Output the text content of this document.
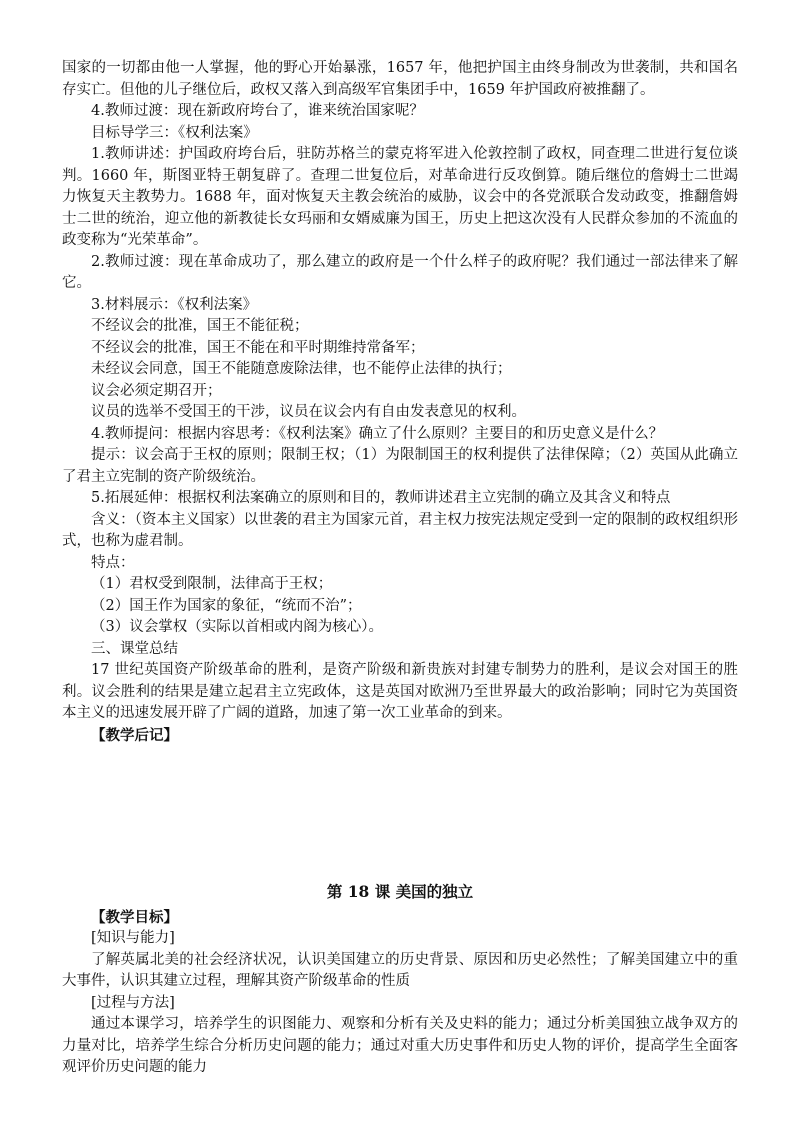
国家的一切都由他一人掌握，他的野心开始暴涨，1657 年，他把护国主由终身制改为世袭制，共和国名存实亡。但他的儿子继位后，政权又落入到高级军官集团手中，1659 年护国政府被推翻了。

4.教师过渡：现在新政府垮台了，谁来统治国家呢？

目标导学三：《权利法案》

1.教师讲述：护国政府垮台后，驻防苏格兰的蒙克将军进入伦敦控制了政权，同查理二世进行复位谈判。1660 年，斯图亚特王朝复辟了。查理二世复位后，对革命进行反攻倒算。随后继位的詹姆士二世竭力恢复天主教势力。1688 年，面对恢复天主教会统治的威胁，议会中的各党派联合发动政变，推翻詹姆士二世的统治，迎立他的新教徒长女玛丽和女婿威廉为国王，历史上把这次没有人民群众参加的不流血的政变称为“光荣革命”。

2.教师过渡：现在革命成功了，那么建立的政府是一个什么样子的政府呢？我们通过一部法律来了解它。

3.材料展示：《权利法案》

不经议会的批准，国王不能征税；

不经议会的批准，国王不能在和平时期维持常备军；

未经议会同意，国王不能随意废除法律，也不能停止法律的执行；

议会必须定期召开；

议员的选举不受国王的干涉，议员在议会内有自由发表意见的权利。

4.教师提问：根据内容思考：《权利法案》确立了什么原则？主要目的和历史意义是什么？

提示：议会高于王权的原则；限制王权；（1）为限制国王的权利提供了法律保障；（2）英国从此确立了君主立宪制的资产阶级统治。

5.拓展延伸：根据权利法案确立的原则和目的，教师讲述君主立宪制的确立及其含义和特点

含义：（资本主义国家）以世袭的君主为国家元首，君主权力按宪法规定受到一定的限制的政权组织形式，也称为虚君制。

特点：

（1）君权受到限制，法律高于王权；

（2）国王作为国家的象征，“统而不治”；

（3）议会掌权（实际以首相或内阁为核心）。

三、课堂总结

17 世纪英国资产阶级革命的胜利，是资产阶级和新贵族对封建专制势力的胜利，是议会对国王的胜利。议会胜利的结果是建立起君主立宪政体，这是英国对欧洲乃至世界最大的政治影响；同时它为英国资本主义的迅速发展开辟了广阔的道路，加速了第一次工业革命的到来。

【教学后记】

第 18 课 美国的独立

【教学目标】

[知识与能力]

了解英属北美的社会经济状况，认识美国建立的历史背景、原因和历史必然性；了解美国建立中的重大事件，认识其建立过程，理解其资产阶级革命的性质

[过程与方法]

通过本课学习，培养学生的识图能力、观察和分析有关及史料的能力；通过分析美国独立战争双方的力量对比，培养学生综合分析历史问题的能力；通过对重大历史事件和历史人物的评价，提高学生全面客观评价历史问题的能力
